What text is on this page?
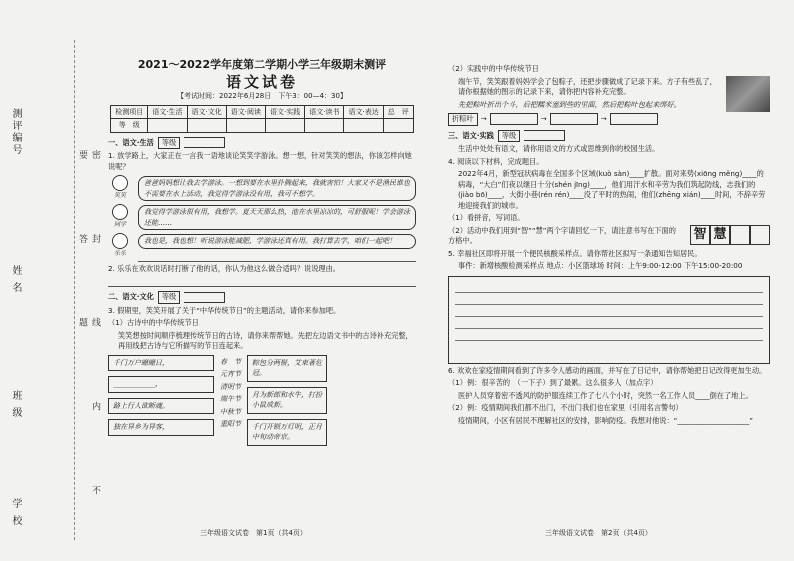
学 校
班 级
姓 名
测评编号
密 封 线 内 不 要 答 题
2021～2022学年度第二学期小学三年级期末测评
语文试卷
【考试时间：2022年6月28日　下午3：00—4：30】
检测项目	语文·生活	语文·文化	语文·阅读	语文·实践	语文·读书	语文·表达	总　评
等　级							
一、语文·生活	等级
1. 放学路上，大家正在一言我一语地谈论笑笑学游泳。想一想，针对笑笑的想法，你该怎样向她说呢？
笑笑
爸爸妈妈想让我去学游泳。一想到要在水里扑腾起来，我就害怕！大家又不是渔民谁也不需要在水上活动，我觉得学游泳没有用，我可不想学。
同学
我觉得学游泳很有用，我想学。夏天天那么热，池在水里凉凉的，可舒服呢！学会游泳还能……
乐乐
我也是，我也想！听说游泳能减肥，学游泳还真有用。我打算去学，咱们一起吧！
2. 乐乐在欢欢说话时打断了他的话，你认为他这么做合适吗？说说理由。
二、语文·文化	等级
3. 假期里，笑笑开展了关于“中华传统节日”的主题活动，请你来参加吧。
（1）古诗中的中华传统节日
笑笑想按时间顺序梳理传统节日的古诗，请你来帮帮她。先把左边语文书中的古诗补充完整，再用线把古诗与它所描写的节日连起来。
千门万户曈曈日，
____________，
路上行人欲断魂。
独在异乡为异客，
春　节
元宵节
清明节
端午节
中秋节
重阳节
粽包分两髻，艾束著危冠。
月为新郎和水牛，打扮小鼠成新。
千门开锁万灯明，正月中旬动帝京。
三年级语文试卷　第1页（共4页）
（2）实践中的中华传统节日
端午节，笑笑跟着妈妈学会了包粽子，还把步骤做成了记录下来。方子有些乱了，请你根据她的图示的记录下来，请你把内容补充完整。
先把粽叶折出个斗，后把糯米塞到些的里面，然后把粽叶包起来绑好。
折粽叶 →	→	→
三、语文·实践	等级
生活中处处有语文，请你用语文的方式或思维到你的校园生活。
4. 阅读以下材料，完成题目。
2022年4月，新型冠状病毒在全国多个区域(kuò sàn)____扩散。面对来势(xiōng měng)____的病毒，“大白”们夜以继日十分(shén jīng)____，他们用汗水和辛劳为我们筑起防线，志我们的(jiào bō)____，大街小巷(rén rén)____没了平时的热闹，他们(zhēng xián)____时间，不辞辛劳地迎接我们的城市。
（1）看拼音，写词语。
（2）活动中我们用到“智”“慧”两个字请回忆一下，请注意书写在下面的方格中。	智 慧
5. 幸福社区即将开展一个便民核酸采样点。请你帮社区拟写一条通知告知居民。
事件：新增核酸检测采样点 地点：小区篮球场 时间：上午9:00-12:00 下午15:00-20:00
6. 欢欢在家疫情期间看到了许多令人感动的画面，并写在了日记中，请你帮她把日记改得更加生动。
（1）例：很辛苦的　（一下子）到了最累。这么很多人（加点字）
医护人员穿着密不透风的防护服连续工作了七八个小时，突然一名工作人员____倒在了地上。
（2）例：疫情期间我们都不出门，不出门我们也在家里（引用名言警句）
疫情期间，小区有居民不理解社区的安排，影响防疫。我想对他说：“____________________”
三年级语文试卷　第2页（共4页）
